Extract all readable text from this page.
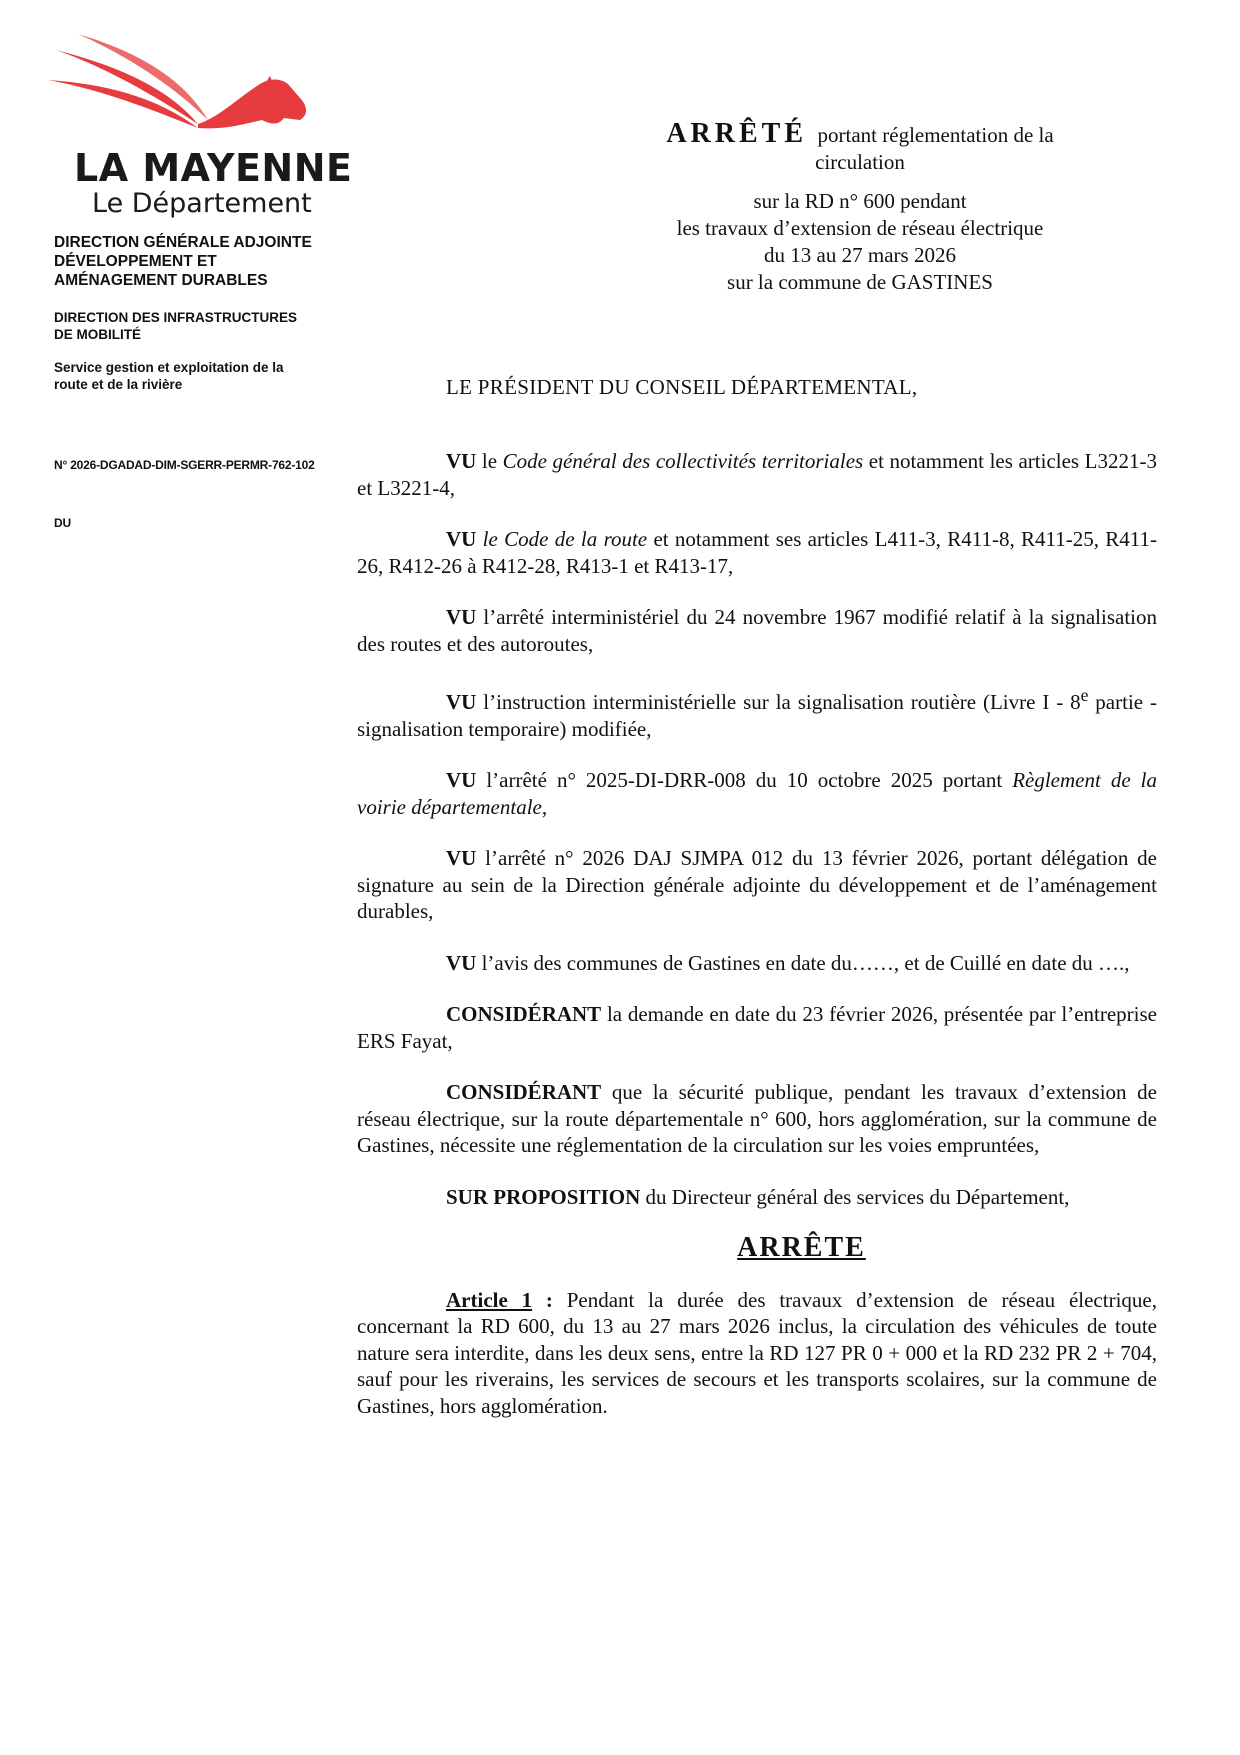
LA MAYENNE
Le Département
DIRECTION GÉNÉRALE ADJOINTE
DÉVELOPPEMENT ET
AMÉNAGEMENT DURABLES
DIRECTION DES INFRASTRUCTURES
DE MOBILITÉ
Service gestion et exploitation de la
route et de la rivière
N° 2026-DGADAD-DIM-SGERR-PERMR-762-102
DU
ARRÊTÉ portant réglementation de la
circulation
sur la RD n° 600 pendant
les travaux d’extension de réseau électrique
du 13 au 27 mars 2026
sur la commune de GASTINES
LE PRÉSIDENT DU CONSEIL DÉPARTEMENTAL,

VU le Code général des collectivités territoriales et notamment les articles L3221-3 et L3221-4,

VU le Code de la route et notamment ses articles L411-3, R411-8, R411-25, R411-26, R412-26 à R412-28, R413-1 et R413-17,

VU l’arrêté interministériel du 24 novembre 1967 modifié relatif à la signalisation des routes et des autoroutes,

VU l’instruction interministérielle sur la signalisation routière (Livre I - 8e partie - signalisation temporaire) modifiée,

VU l’arrêté n° 2025-DI-DRR-008 du 10 octobre 2025 portant Règlement de la voirie départementale,

VU l’arrêté n° 2026 DAJ SJMPA 012 du 13 février 2026, portant délégation de signature au sein de la Direction générale adjointe du développement et de l’aménagement durables,

VU l’avis des communes de Gastines en date du……, et de Cuillé en date du ….,

CONSIDÉRANT la demande en date du 23 février 2026, présentée par l’entreprise ERS Fayat,

CONSIDÉRANT que la sécurité publique, pendant les travaux d’extension de réseau électrique, sur la route départementale n° 600, hors agglomération, sur la commune de Gastines, nécessite une réglementation de la circulation sur les voies empruntées,

SUR PROPOSITION du Directeur général des services du Département,

ARRÊTE

Article 1 : Pendant la durée des travaux d’extension de réseau électrique, concernant la RD 600, du 13 au 27 mars 2026 inclus, la circulation des véhicules de toute nature sera interdite, dans les deux sens, entre la RD 127 PR 0 + 000 et la RD 232 PR 2 + 704, sauf pour les riverains, les services de secours et les transports scolaires, sur la commune de Gastines, hors agglomération.
